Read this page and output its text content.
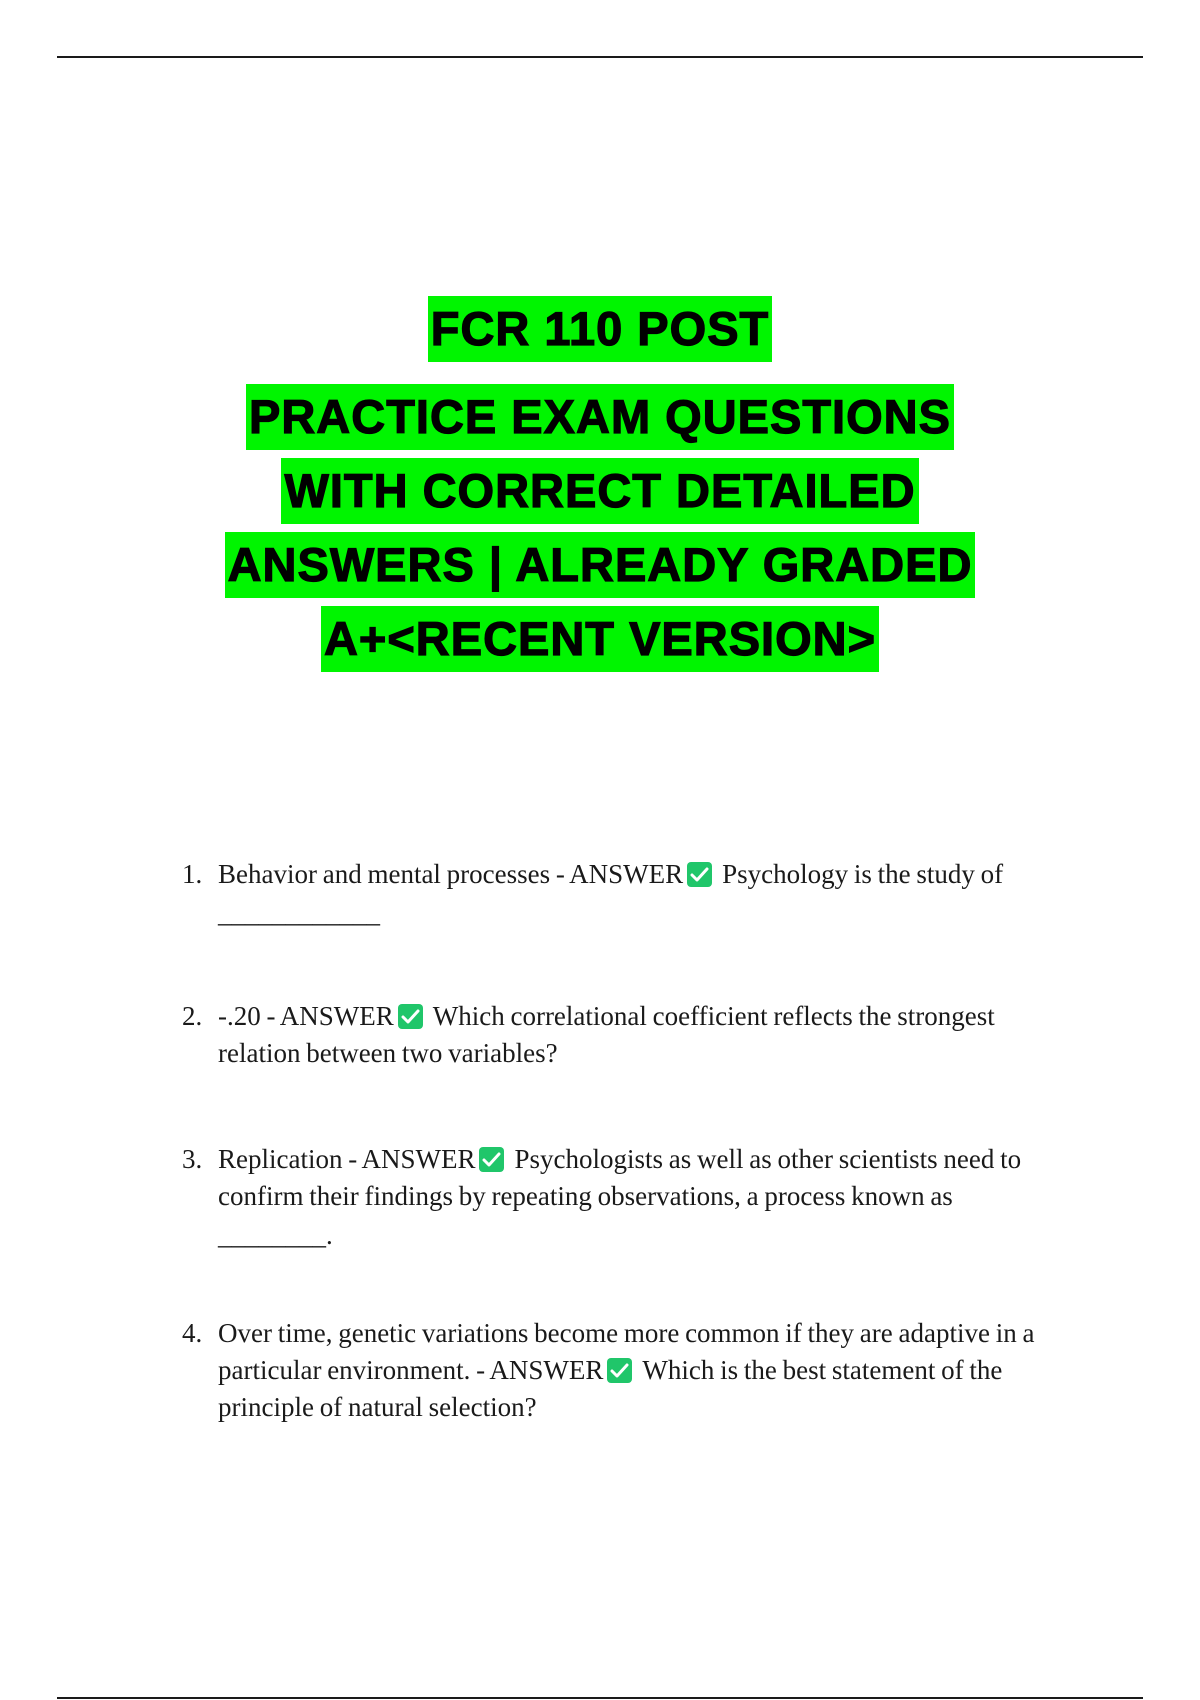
FCR 110 POST
PRACTICE EXAM QUESTIONS
WITH CORRECT DETAILED
ANSWERS | ALREADY GRADED
A+<RECENT VERSION>
1. Behavior and mental processes - ANSWER Psychology is the study of
____________
2. -.20 - ANSWER Which correlational coefficient reflects the strongest relation between two variables?
3. Replication - ANSWER Psychologists as well as other scientists need to confirm their findings by repeating observations, a process known as
________.
4. Over time, genetic variations become more common if they are adaptive in a particular environment. - ANSWER Which is the best statement of the principle of natural selection?
